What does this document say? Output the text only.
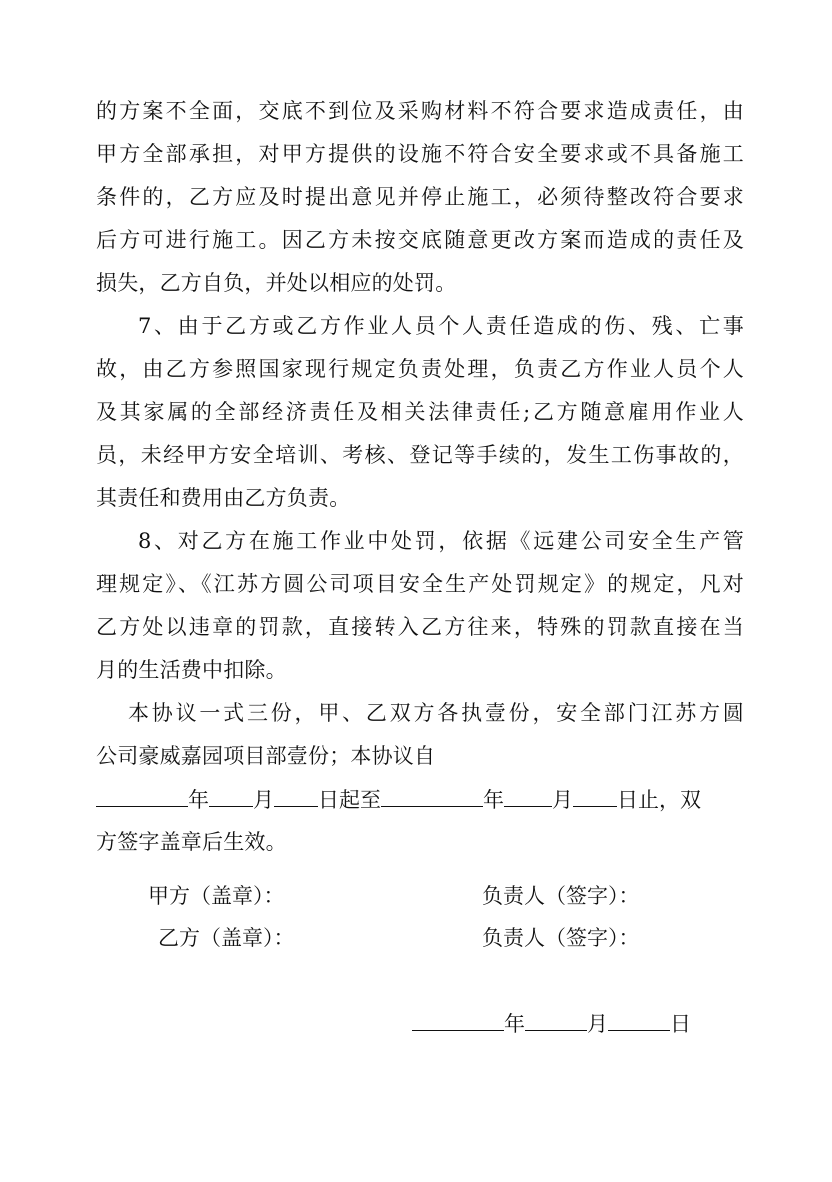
的方案不全面，交底不到位及采购材料不符合要求造成责任，由
甲方全部承担，对甲方提供的设施不符合安全要求或不具备施工
条件的，乙方应及时提出意见并停止施工，必须待整改符合要求
后方可进行施工。因乙方未按交底随意更改方案而造成的责任及
损失，乙方自负，并处以相应的处罚。
7、由于乙方或乙方作业人员个人责任造成的伤、残、亡事
故，由乙方参照国家现行规定负责处理，负责乙方作业人员个人
及其家属的全部经济责任及相关法律责任;乙方随意雇用作业人
员，未经甲方安全培训、考核、登记等手续的，发生工伤事故的，
其责任和费用由乙方负责。
8、对乙方在施工作业中处罚，依据《远建公司安全生产管
理规定》、《江苏方圆公司项目安全生产处罚规定》的规定，凡对
乙方处以违章的罚款，直接转入乙方往来，特殊的罚款直接在当
月的生活费中扣除。
本协议一式三份，甲、乙双方各执壹份，安全部门江苏方圆
公司豪威嘉园项目部壹份；本协议自
年 月 日起至	年 月 日止，双
方签字盖章后生效。
甲方（盖章）：	负责人（签字）：
乙方（盖章）：	负责人（签字）：
年	月	日
